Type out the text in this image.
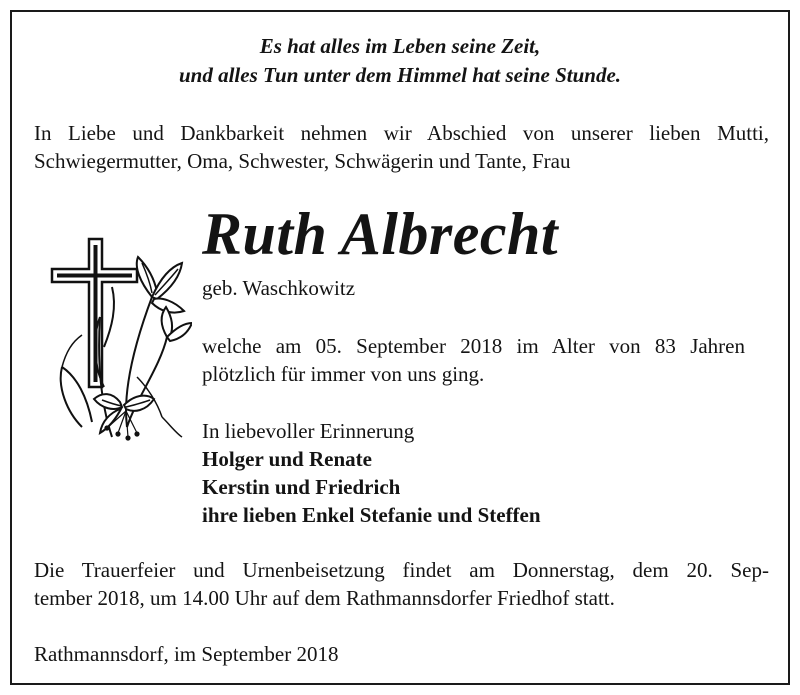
Es hat alles im Leben seine Zeit,
und alles Tun unter dem Himmel hat seine Stunde.
In Liebe und Dankbarkeit nehmen wir Abschied von unserer lieben Mutti,
Schwiegermutter, Oma, Schwester, Schwägerin und Tante, Frau
Ruth Albrecht
geb. Waschkowitz
welche am 05. September 2018 im Alter von 83 Jahren
plötzlich für immer von uns ging.
In liebevoller Erinnerung
Holger und Renate
Kerstin und Friedrich
ihre lieben Enkel Stefanie und Steffen
Die Trauerfeier und Urnenbeisetzung findet am Donnerstag, dem 20. Sep-
tember 2018, um 14.00 Uhr auf dem Rathmannsdorfer Friedhof statt.
Rathmannsdorf, im September 2018
